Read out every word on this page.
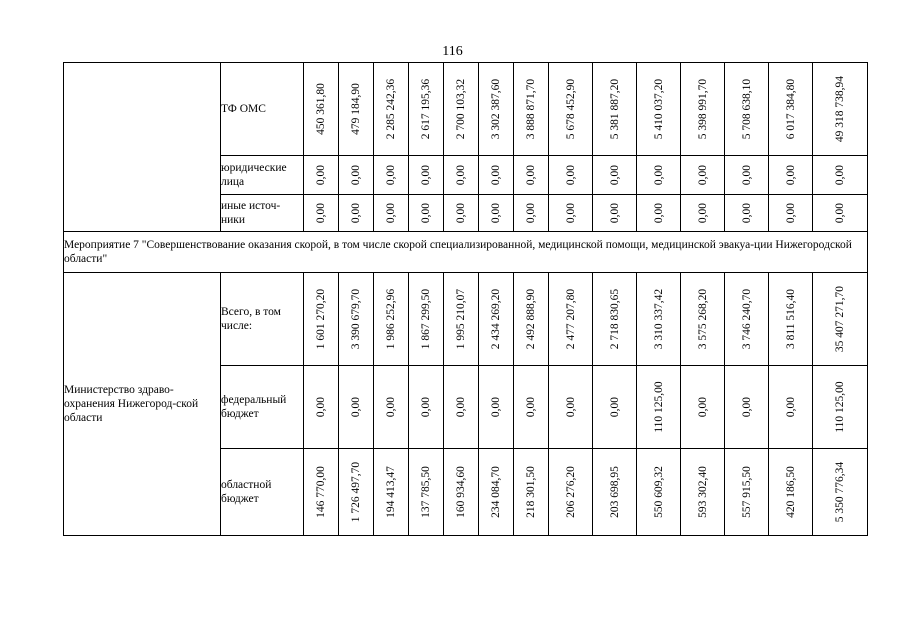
116
	ТФ ОМС	450 361,80	479 184,90	2 285 242,36	2 617 195,36	2 700 103,32	3 302 387,60	3 888 871,70	5 678 452,90	5 381 887,20	5 410 037,20	5 398 991,70	5 708 638,10	6 017 384,80	49 318 738,94

	юридические лица	0,00	0,00	0,00	0,00	0,00	0,00	0,00	0,00	0,00	0,00	0,00	0,00	0,00	0,00

	иные источ-ники	0,00	0,00	0,00	0,00	0,00	0,00	0,00	0,00	0,00	0,00	0,00	0,00	0,00	0,00

Мероприятие 7 "Совершенствование оказания скорой, в том числе скорой специализированной, медицинской помощи, медицинской эвакуа-ции Нижегородской области"															
Министерство здраво-охранения Нижегород-ской области	Всего, в том числе:	1 601 270,20	3 390 679,70	1 986 252,96	1 867 299,50	1 995 210,07	2 434 269,20	2 492 888,90	2 477 207,80	2 718 830,65	3 310 337,42	3 575 268,20	3 746 240,70	3 811 516,40	35 407 271,70

	федеральный бюджет	0,00	0,00	0,00	0,00	0,00	0,00	0,00	0,00	0,00	110 125,00	0,00	0,00	0,00	110 125,00

	областной бюджет	146 770,00	1 726 497,70	194 413,47	137 785,50	160 934,60	234 084,70	218 301,50	206 276,20	203 698,95	550 609,32	593 302,40	557 915,50	420 186,50	5 350 776,34
